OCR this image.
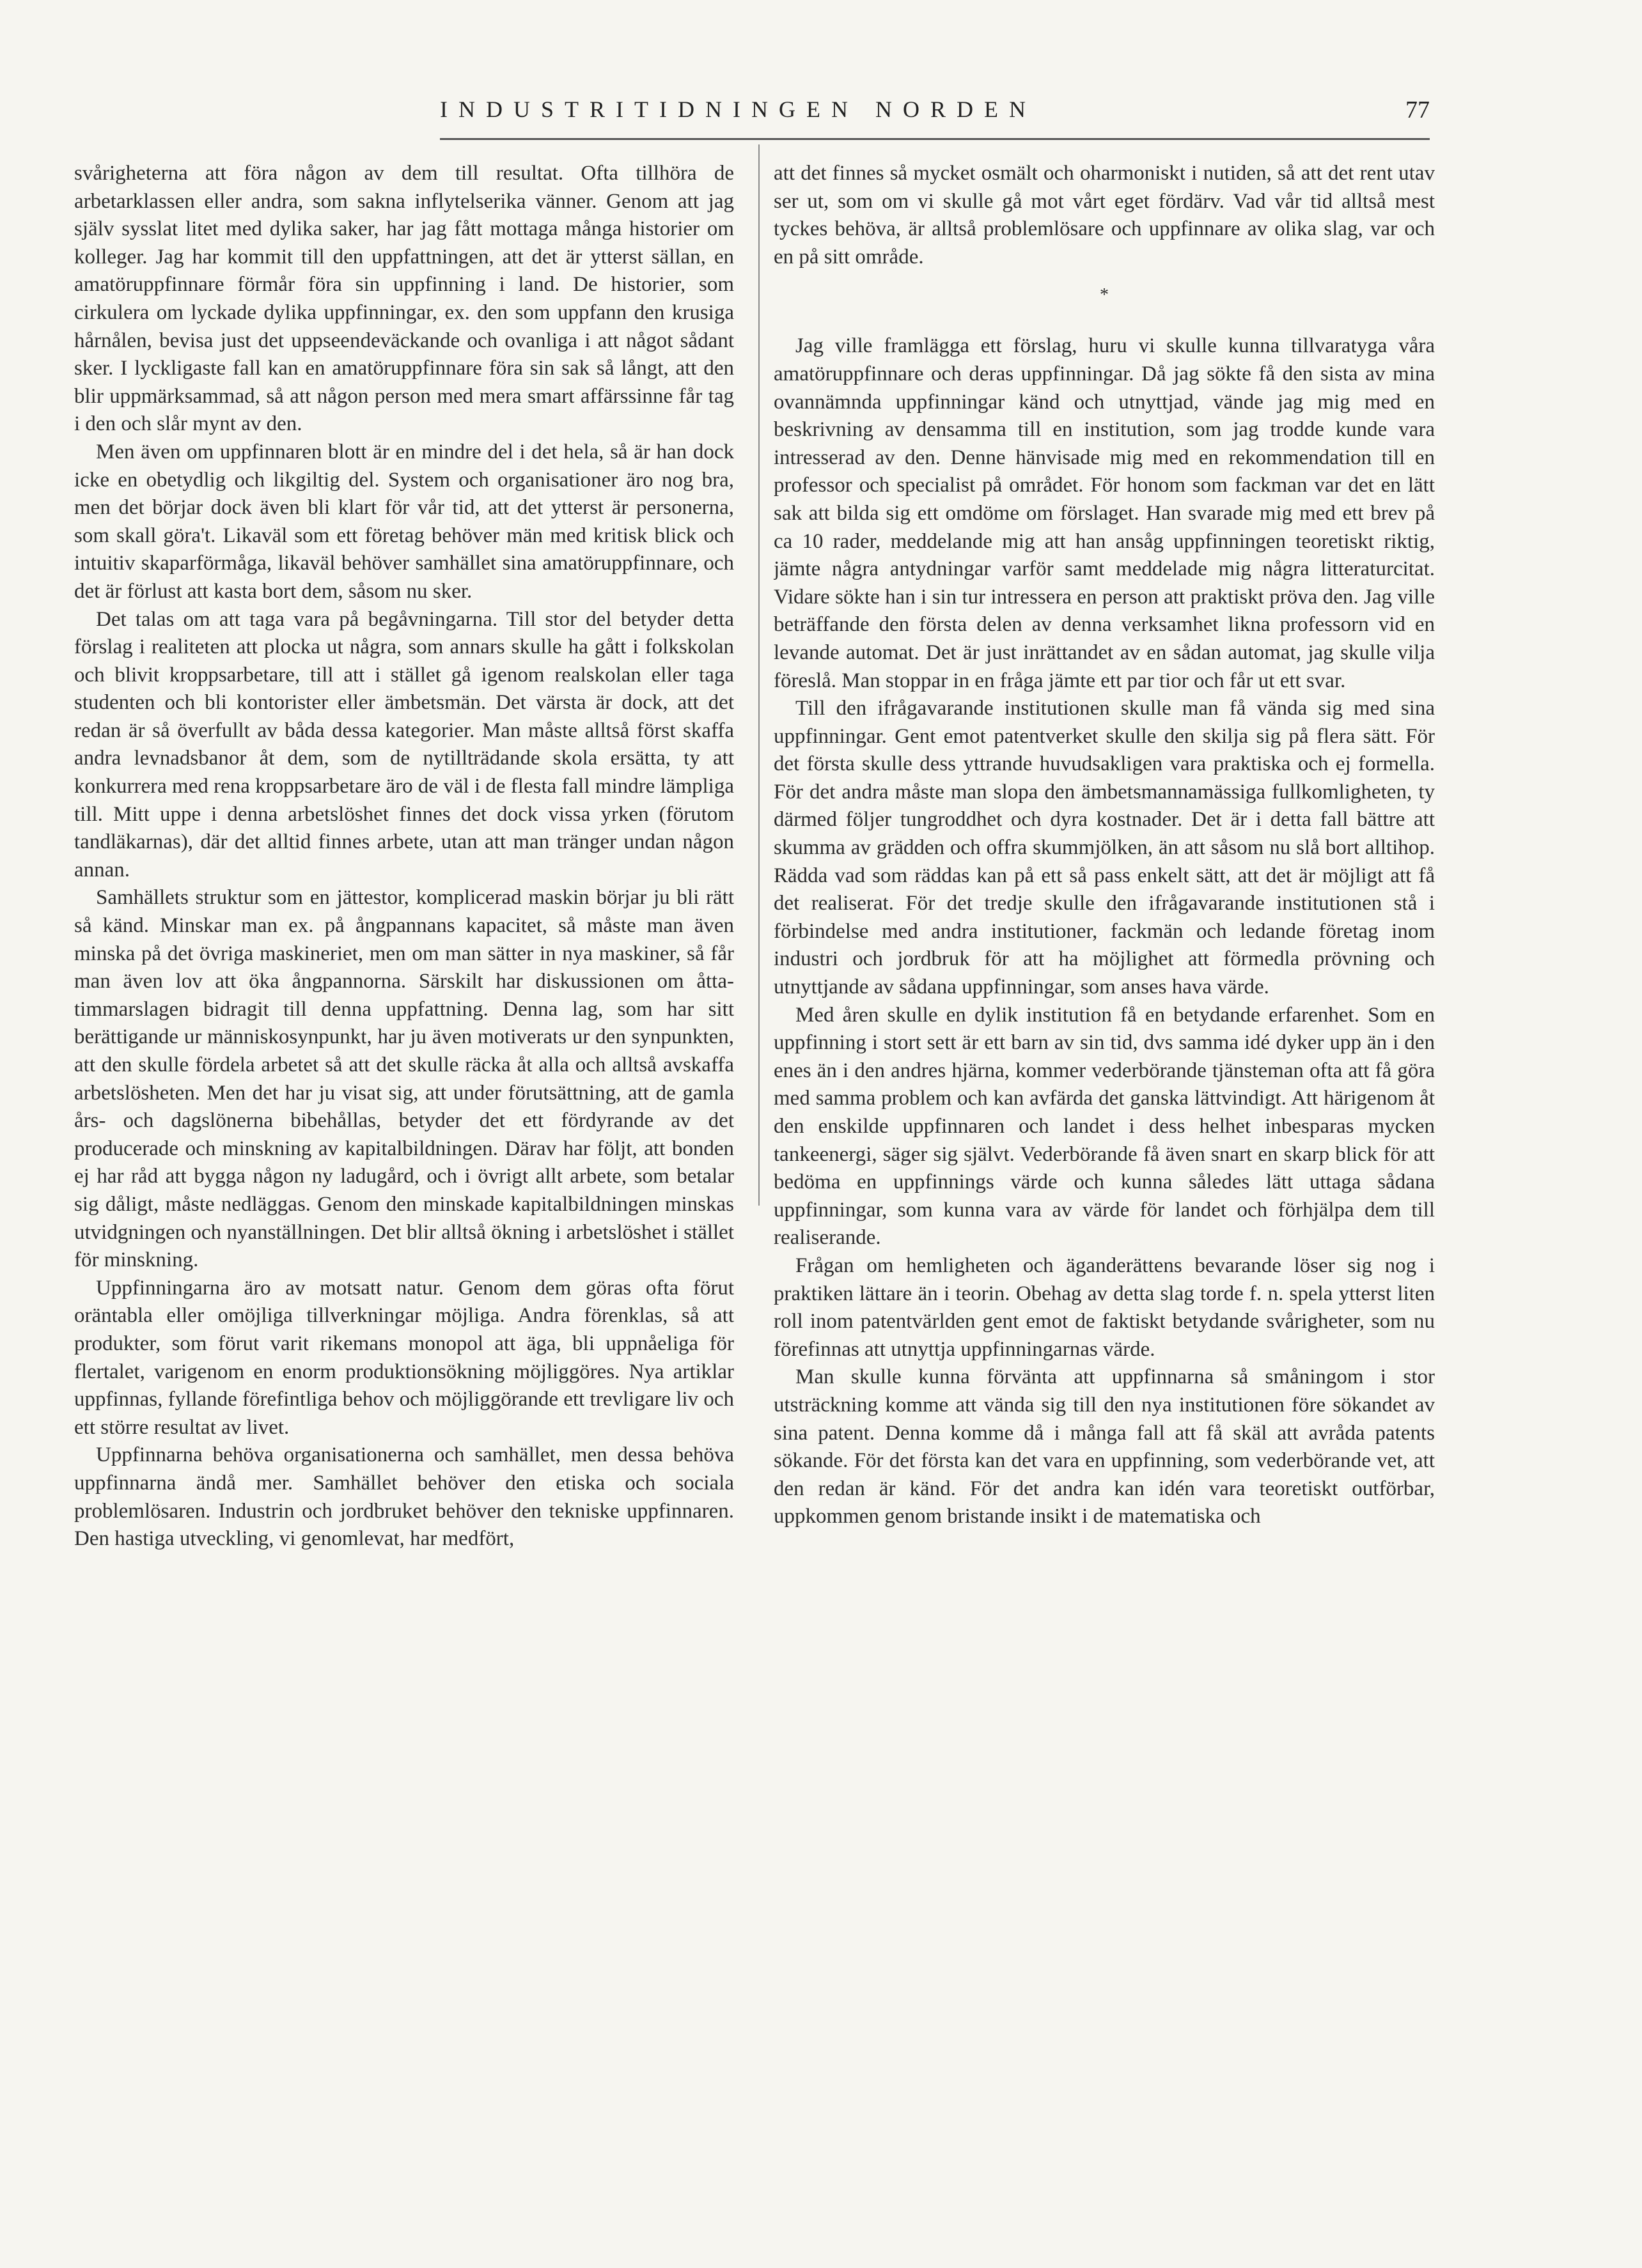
INDUSTRITIDNINGEN NORDEN	77

svårigheterna att föra någon av dem till resultat. Ofta tillhöra de arbetarklassen eller andra, som sakna inflytelserika vänner. Genom att jag själv sysslat litet med dylika saker, har jag fått mottaga många historier om kolleger. Jag har kommit till den uppfattningen, att det är ytterst sällan, en amatöruppfinnare förmår föra sin uppfinning i land. De historier, som cirkulera om lyckade dylika uppfinningar, ex. den som uppfann den krusiga hårnålen, bevisa just det uppseendeväckande och ovanliga i att något sådant sker. I lyckligaste fall kan en amatöruppfinnare föra sin sak så långt, att den blir uppmärksammad, så att någon person med mera smart affärssinne får tag i den och slår mynt av den.

Men även om uppfinnaren blott är en mindre del i det hela, så är han dock icke en obetydlig och likgiltig del. System och organisationer äro nog bra, men det börjar dock även bli klart för vår tid, att det ytterst är personerna, som skall göra't. Likaväl som ett företag behöver män med kritisk blick och intuitiv skaparförmåga, likaväl behöver samhället sina amatöruppfinnare, och det är förlust att kasta bort dem, såsom nu sker.

Det talas om att taga vara på begåvningarna. Till stor del betyder detta förslag i realiteten att plocka ut några, som annars skulle ha gått i folkskolan och blivit kroppsarbetare, till att i stället gå igenom realskolan eller taga studenten och bli kontorister eller ämbetsmän. Det värsta är dock, att det redan är så överfullt av båda dessa kategorier. Man måste alltså först skaffa andra levnadsbanor åt dem, som de nytillträdande skola ersätta, ty att konkurrera med rena kroppsarbetare äro de väl i de flesta fall mindre lämpliga till. Mitt uppe i denna arbetslöshet finnes det dock vissa yrken (förutom tandläkarnas), där det alltid finnes arbete, utan att man tränger undan någon annan.

Samhällets struktur som en jättestor, komplicerad maskin börjar ju bli rätt så känd. Minskar man ex. på ångpannans kapacitet, så måste man även minska på det övriga maskineriet, men om man sätter in nya maskiner, så får man även lov att öka ångpannorna. Särskilt har diskussionen om åtta-timmarslagen bidragit till denna uppfattning. Denna lag, som har sitt berättigande ur människosynpunkt, har ju även motiverats ur den synpunkten, att den skulle fördela arbetet så att det skulle räcka åt alla och alltså avskaffa arbetslösheten. Men det har ju visat sig, att under förutsättning, att de gamla års- och dagslönerna bibehållas, betyder det ett fördyrande av det producerade och minskning av kapitalbildningen. Därav har följt, att bonden ej har råd att bygga någon ny ladugård, och i övrigt allt arbete, som betalar sig dåligt, måste nedläggas. Genom den minskade kapitalbildningen minskas utvidgningen och nyanställningen. Det blir alltså ökning i arbetslöshet i stället för minskning.

Uppfinningarna äro av motsatt natur. Genom dem göras ofta förut oräntabla eller omöjliga tillverkningar möjliga. Andra förenklas, så att produkter, som förut varit rikemans monopol att äga, bli uppnåeliga för flertalet, varigenom en enorm produktionsökning möjliggöres. Nya artiklar uppfinnas, fyllande förefintliga behov och möjliggörande ett trevligare liv och ett större resultat av livet.

Uppfinnarna behöva organisationerna och samhället, men dessa behöva uppfinnarna ändå mer. Samhället behöver den etiska och sociala problemlösaren. Industrin och jordbruket behöver den tekniske uppfinnaren. Den hastiga utveckling, vi genomlevat, har medfört,

att det finnes så mycket osmält och oharmoniskt i nutiden, så att det rent utav ser ut, som om vi skulle gå mot vårt eget fördärv. Vad vår tid alltså mest tyckes behöva, är alltså problemlösare och uppfinnare av olika slag, var och en på sitt område.

*

Jag ville framlägga ett förslag, huru vi skulle kunna tillvaratyga våra amatöruppfinnare och deras uppfinningar. Då jag sökte få den sista av mina ovannämnda uppfinningar känd och utnyttjad, vände jag mig med en beskrivning av densamma till en institution, som jag trodde kunde vara intresserad av den. Denne hänvisade mig med en rekommendation till en professor och specialist på området. För honom som fackman var det en lätt sak att bilda sig ett omdöme om förslaget. Han svarade mig med ett brev på ca 10 rader, meddelande mig att han ansåg uppfinningen teoretiskt riktig, jämte några antydningar varför samt meddelade mig några litteraturcitat. Vidare sökte han i sin tur intressera en person att praktiskt pröva den. Jag ville beträffande den första delen av denna verksamhet likna professorn vid en levande automat. Det är just inrättandet av en sådan automat, jag skulle vilja föreslå. Man stoppar in en fråga jämte ett par tior och får ut ett svar.

Till den ifrågavarande institutionen skulle man få vända sig med sina uppfinningar. Gent emot patentverket skulle den skilja sig på flera sätt. För det första skulle dess yttrande huvudsakligen vara praktiska och ej formella. För det andra måste man slopa den ämbetsmannamässiga fullkomligheten, ty därmed följer tungroddhet och dyra kostnader. Det är i detta fall bättre att skumma av grädden och offra skummjölken, än att såsom nu slå bort alltihop. Rädda vad som räddas kan på ett så pass enkelt sätt, att det är möjligt att få det realiserat. För det tredje skulle den ifrågavarande institutionen stå i förbindelse med andra institutioner, fackmän och ledande företag inom industri och jordbruk för att ha möjlighet att förmedla prövning och utnyttjande av sådana uppfinningar, som anses hava värde.

Med åren skulle en dylik institution få en betydande erfarenhet. Som en uppfinning i stort sett är ett barn av sin tid, dvs samma idé dyker upp än i den enes än i den andres hjärna, kommer vederbörande tjänsteman ofta att få göra med samma problem och kan avfärda det ganska lättvindigt. Att härigenom åt den enskilde uppfinnaren och landet i dess helhet inbesparas mycken tankeenergi, säger sig självt. Vederbörande få även snart en skarp blick för att bedöma en uppfinnings värde och kunna således lätt uttaga sådana uppfinningar, som kunna vara av värde för landet och förhjälpa dem till realiserande.

Frågan om hemligheten och äganderättens bevarande löser sig nog i praktiken lättare än i teorin. Obehag av detta slag torde f. n. spela ytterst liten roll inom patentvärlden gent emot de faktiskt betydande svårigheter, som nu förefinnas att utnyttja uppfinningarnas värde.

Man skulle kunna förvänta att uppfinnarna så småningom i stor utsträckning komme att vända sig till den nya institutionen före sökandet av sina patent. Denna komme då i många fall att få skäl att avråda patents sökande. För det första kan det vara en uppfinning, som vederbörande vet, att den redan är känd. För det andra kan idén vara teoretiskt outförbar, uppkommen genom bristande insikt i de matematiska och
